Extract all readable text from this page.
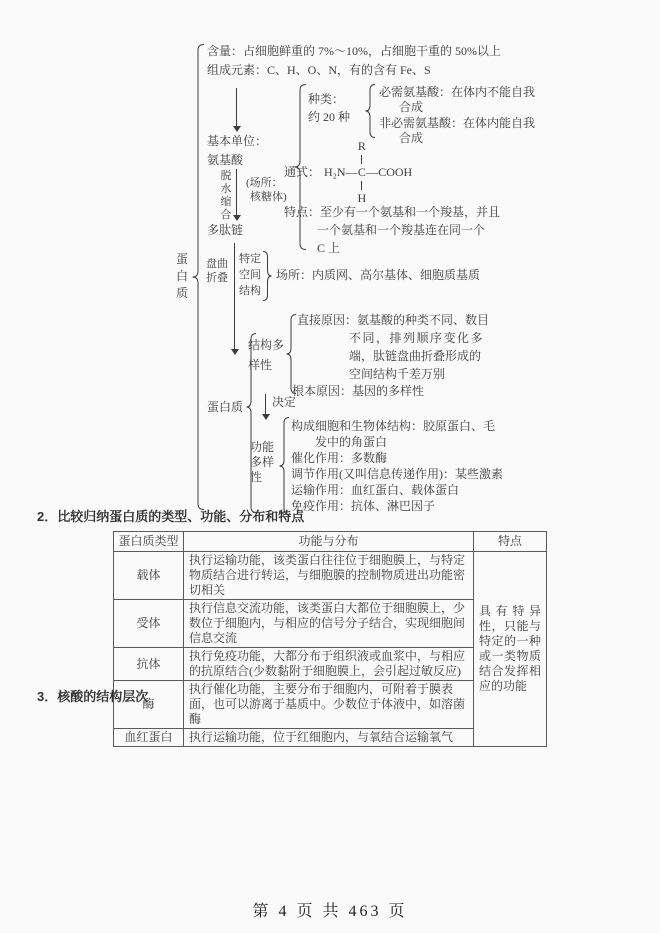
蛋白质
含量：占细胞鲜重的 7%～10%，占细胞干重的 50%以上
组成元素：C、H、O、N，有的含有 Fe、S
基本单位：
氨基酸
种类：
约 20 种
必需氨基酸：在体内不能自我
合成
非必需氨基酸：在体内能自我
合成
通式：
R
H₂N— C —COOH
H
特点：至少有一个氨基和一个羧基，并且
一个氨基和一个羧基连在同一个
C 上
脱水缩合
(场所：
核糖体)
多肽链
盘曲折叠
特定空间结构
场所：内质网、高尔基体、细胞质基质
蛋白质
结构多样性
直接原因：氨基酸的种类不同、数目
不同，排列顺序变化多
端，肽链盘曲折叠形成的
空间结构千差万别
根本原因：基因的多样性
决定
功能多样性
构成细胞和生物体结构：胶原蛋白、毛
发中的角蛋白
催化作用：多数酶
调节作用(又叫信息传递作用)：某些激素
运输作用：血红蛋白、载体蛋白
免疫作用：抗体、淋巴因子
2．比较归纳蛋白质的类型、功能、分布和特点
蛋白质类型	功能与分布	特点
载体	执行运输功能，该类蛋白往往位于细胞膜上，与特定物质结合进行转运，与细胞膜的控制物质进出功能密切相关	具有特异性，只能与特定的一种或一类物质结合发挥相应的功能
受体	执行信息交流功能，该类蛋白大都位于细胞膜上，少数位于细胞内，与相应的信号分子结合，实现细胞间信息交流	
抗体	执行免疫功能，大都分布于组织液或血浆中，与相应的抗原结合(少数黏附于细胞膜上，会引起过敏反应)	
酶	执行催化功能，主要分布于细胞内，可附着于膜表面，也可以游离于基质中。少数位于体液中，如溶菌酶	
血红蛋白	执行运输功能，位于红细胞内，与氧结合运输氧气	
3．核酸的结构层次
第 4 页 共 463 页
